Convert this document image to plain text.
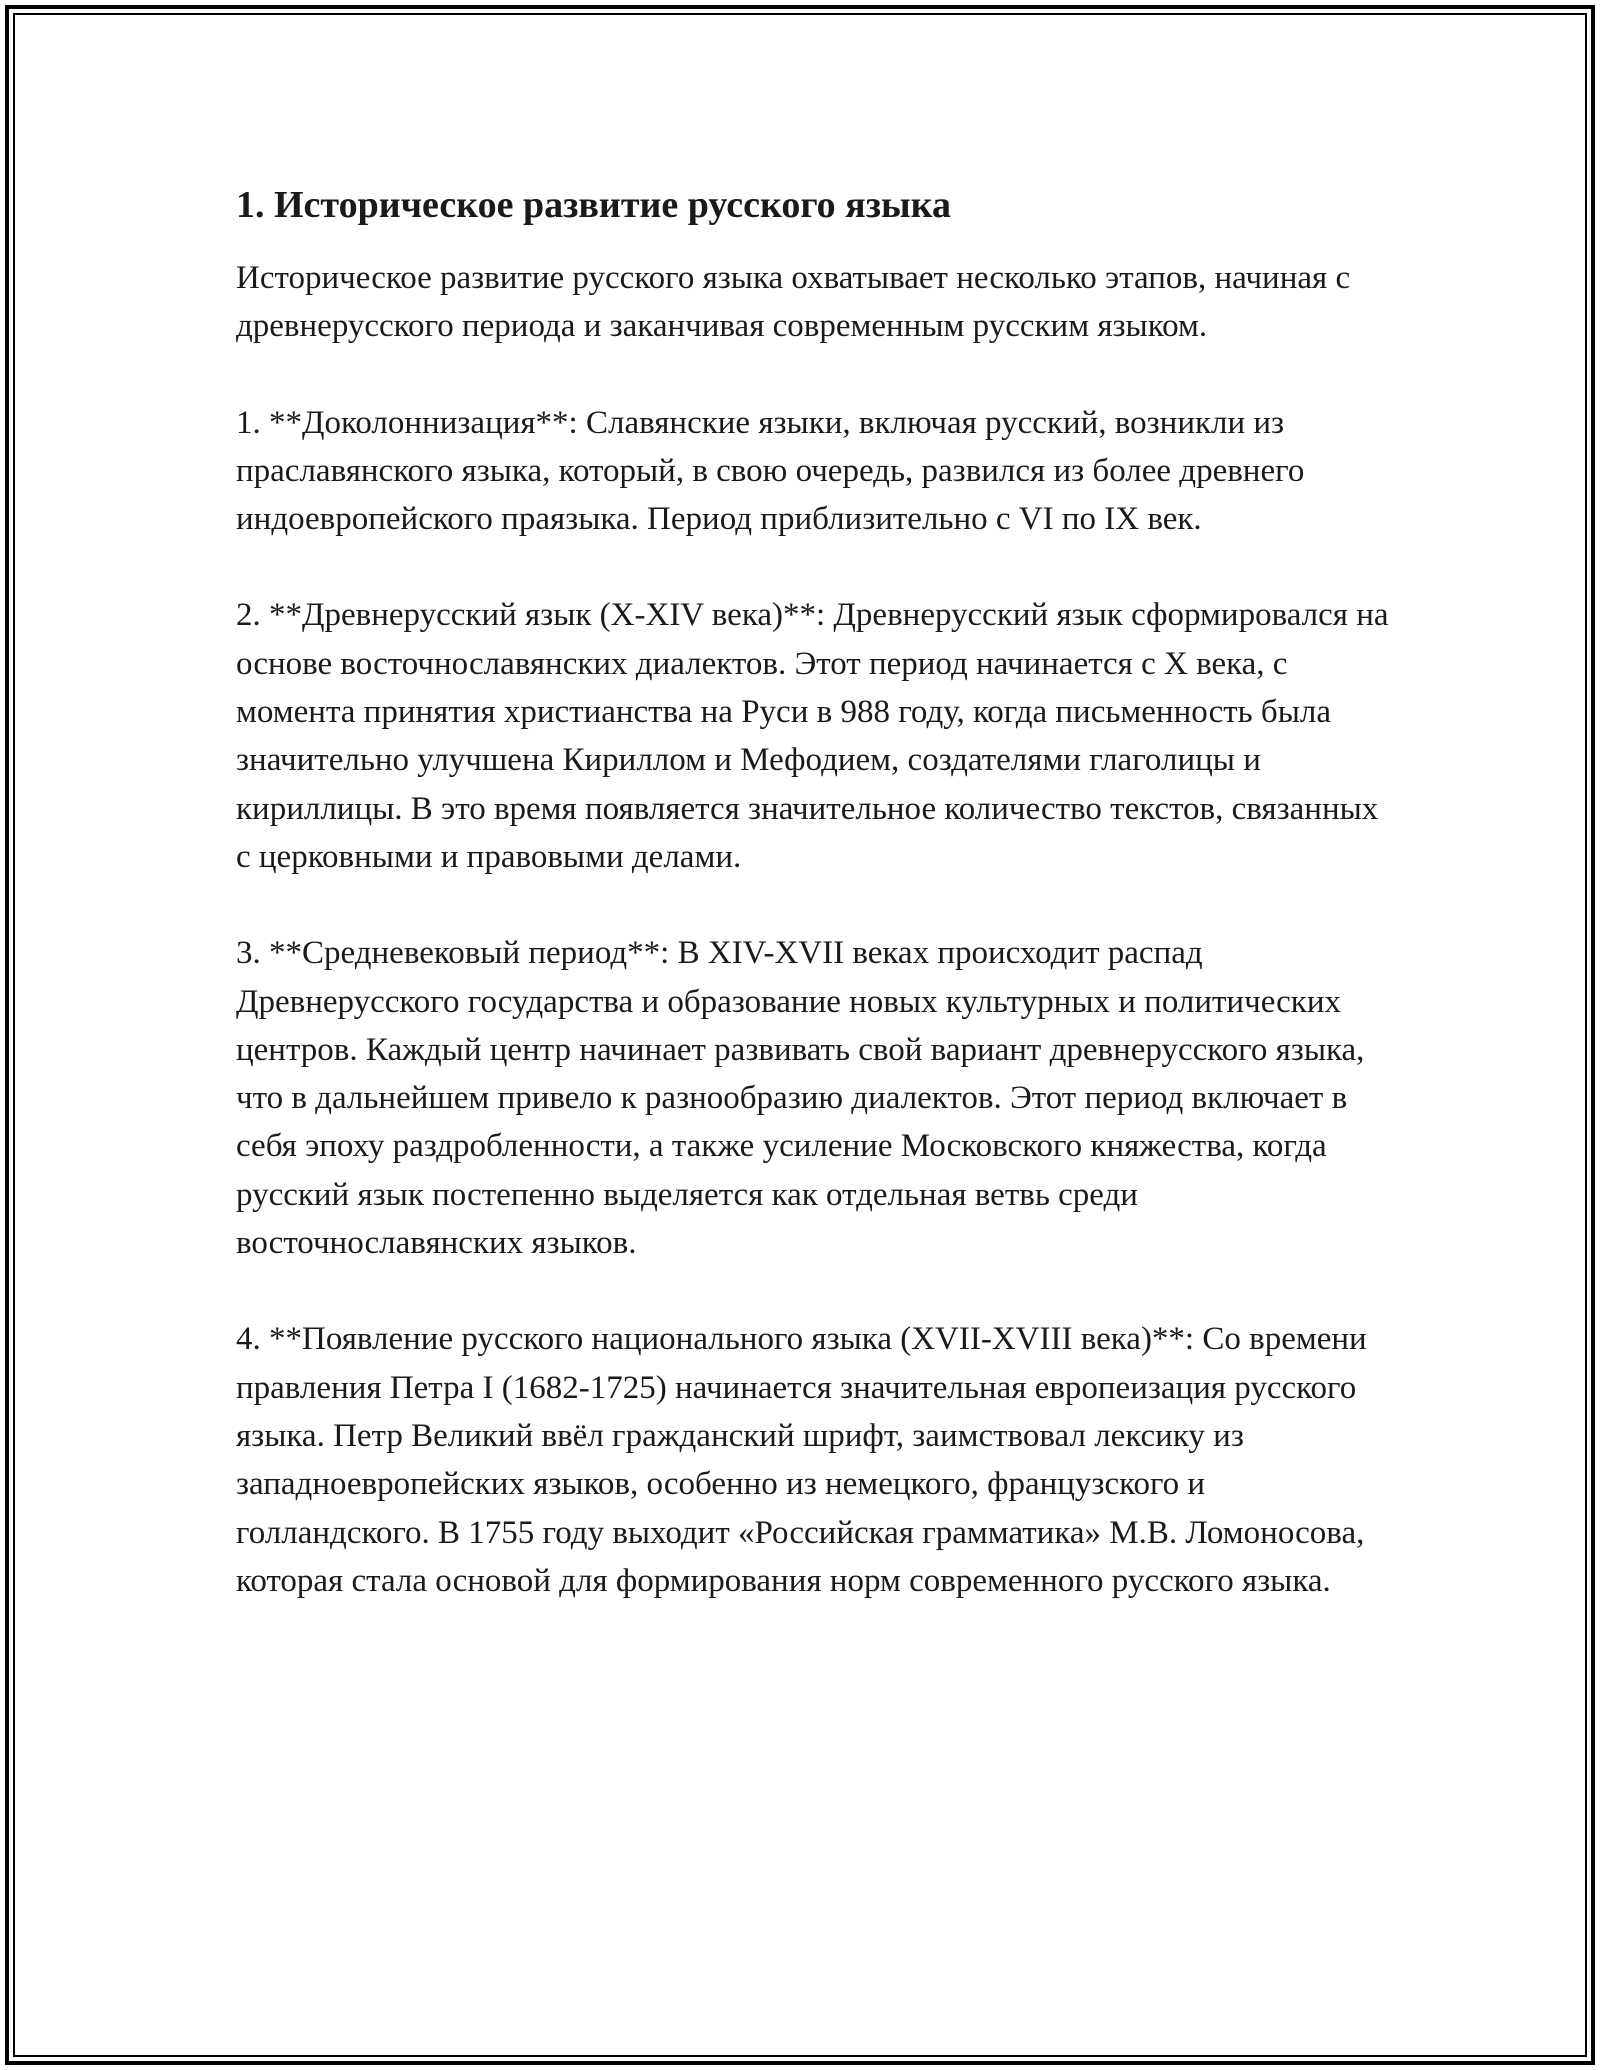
1. Историческое развитие русского языка

Историческое развитие русского языка охватывает несколько этапов, начиная с древнерусского периода и заканчивая современным русским языком.

1. **Доколоннизация**: Славянские языки, включая русский, возникли из праславянского языка, который, в свою очередь, развился из более древнего индоевропейского праязыка. Период приблизительно с VI по IX век.

2. **Древнерусский язык (X-XIV века)**: Древнерусский язык сформировался на основе восточнославянских диалектов. Этот период начинается с X века, с момента принятия христианства на Руси в 988 году, когда письменность была значительно улучшена Кириллом и Мефодием, создателями глаголицы и кириллицы. В это время появляется значительное количество текстов, связанных с церковными и правовыми делами.

3. **Средневековый период**: В XIV-XVII веках происходит распад Древнерусского государства и образование новых культурных и политических центров. Каждый центр начинает развивать свой вариант древнерусского языка, что в дальнейшем привело к разнообразию диалектов. Этот период включает в себя эпоху раздробленности, а также усиление Московского княжества, когда русский язык постепенно выделяется как отдельная ветвь среди восточнославянских языков.

4. **Появление русского национального языка (XVII-XVIII века)**: Со времени правления Петра I (1682-1725) начинается значительная европеизация русского языка. Петр Великий ввёл гражданский шрифт, заимствовал лексику из западноевропейских языков, особенно из немецкого, французского и голландского. В 1755 году выходит «Российская грамматика» М.В. Ломоносова, которая стала основой для формирования норм современного русского языка.
